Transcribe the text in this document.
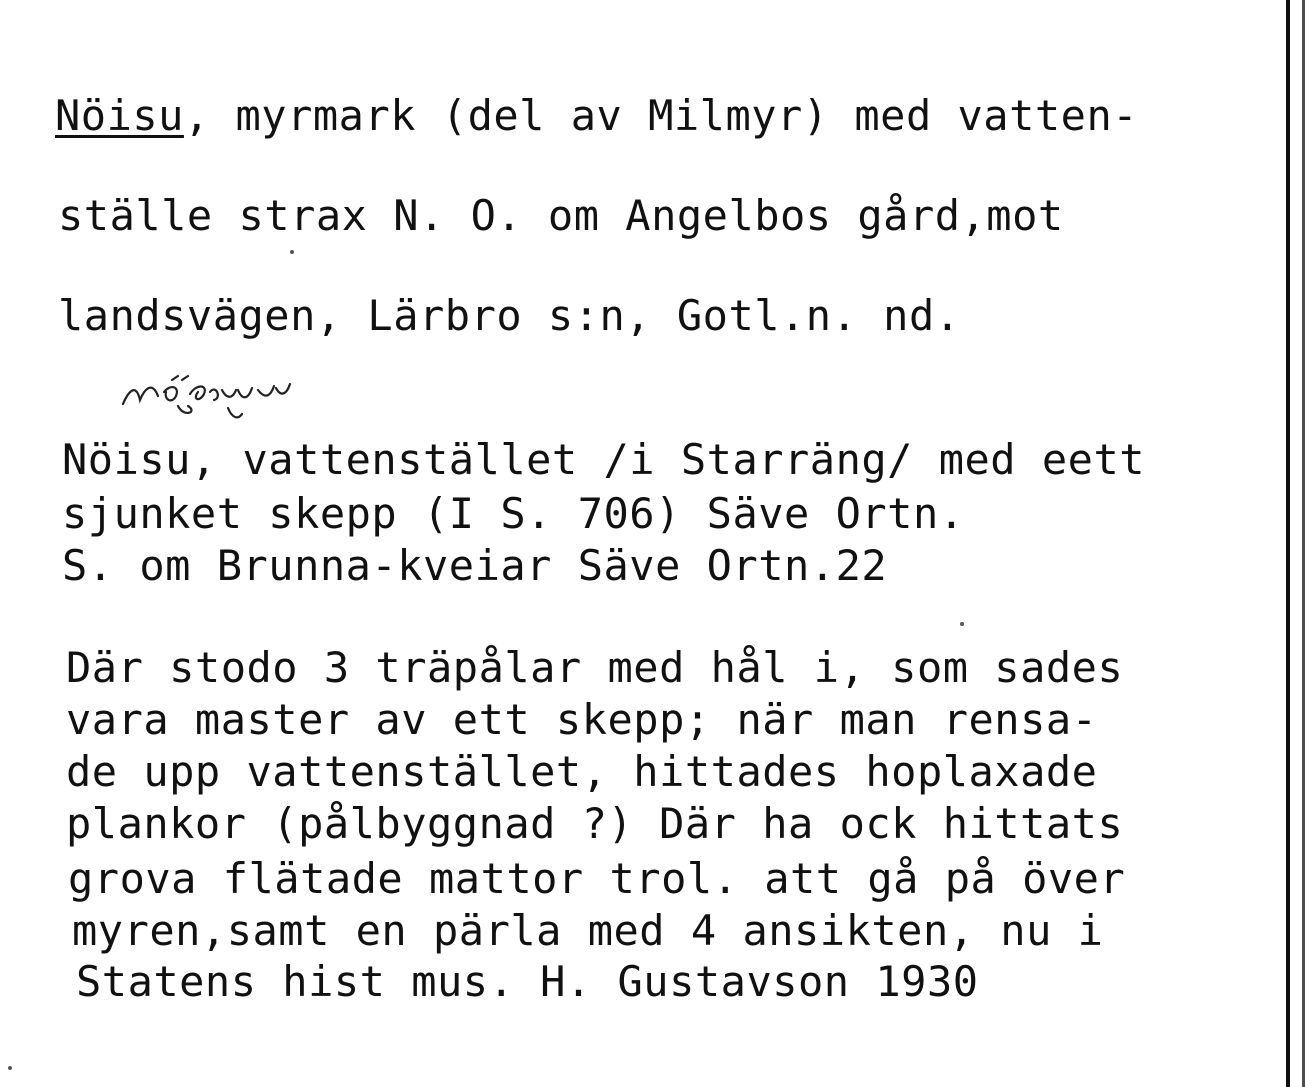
Nöisu, myrmark (del av Milmyr) med vatten-
ställe strax N. O. om Angelbos gård,mot
landsvägen, Lärbro s:n, Gotl.n. nd.
Nöisu, vattenstället /i Starräng/ med eett
sjunket skepp (I S. 706) Säve Ortn.
S. om Brunna-kveiar Säve Ortn.22
Där stodo 3 träpålar med hål i, som sades
vara master av ett skepp; när man rensa-
de upp vattenstället, hittades hoplaxade
plankor (pålbyggnad ?) Där ha ock hittats
grova flätade mattor trol. att gå på över
myren,samt en pärla med 4 ansikten, nu i
Statens hist mus. H. Gustavson 1930
